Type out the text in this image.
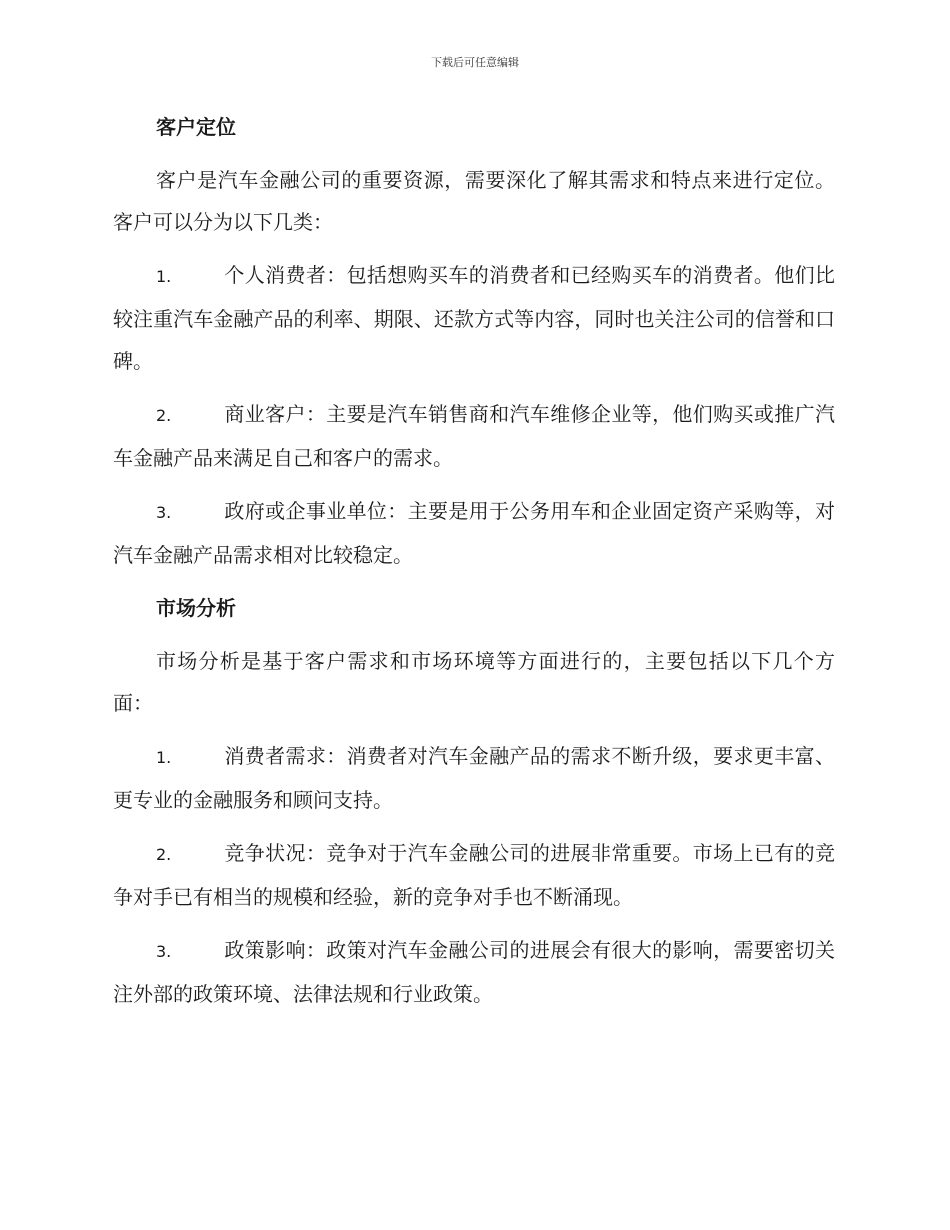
下载后可任意编辑
客户定位
客户是汽车金融公司的重要资源，需要深化了解其需求和特点来进行定位。客户可以分为以下几类：
1.	个人消费者：包括想购买车的消费者和已经购买车的消费者。他们比较注重汽车金融产品的利率、期限、还款方式等内容，同时也关注公司的信誉和口碑。
2.	商业客户：主要是汽车销售商和汽车维修企业等，他们购买或推广汽车金融产品来满足自己和客户的需求。
3.	政府或企事业单位：主要是用于公务用车和企业固定资产采购等，对汽车金融产品需求相对比较稳定。
市场分析
市场分析是基于客户需求和市场环境等方面进行的，主要包括以下几个方面：
1.	消费者需求：消费者对汽车金融产品的需求不断升级，要求更丰富、更专业的金融服务和顾问支持。
2.	竞争状况：竞争对于汽车金融公司的进展非常重要。市场上已有的竞争对手已有相当的规模和经验，新的竞争对手也不断涌现。
3.	政策影响：政策对汽车金融公司的进展会有很大的影响，需要密切关注外部的政策环境、法律法规和行业政策。
